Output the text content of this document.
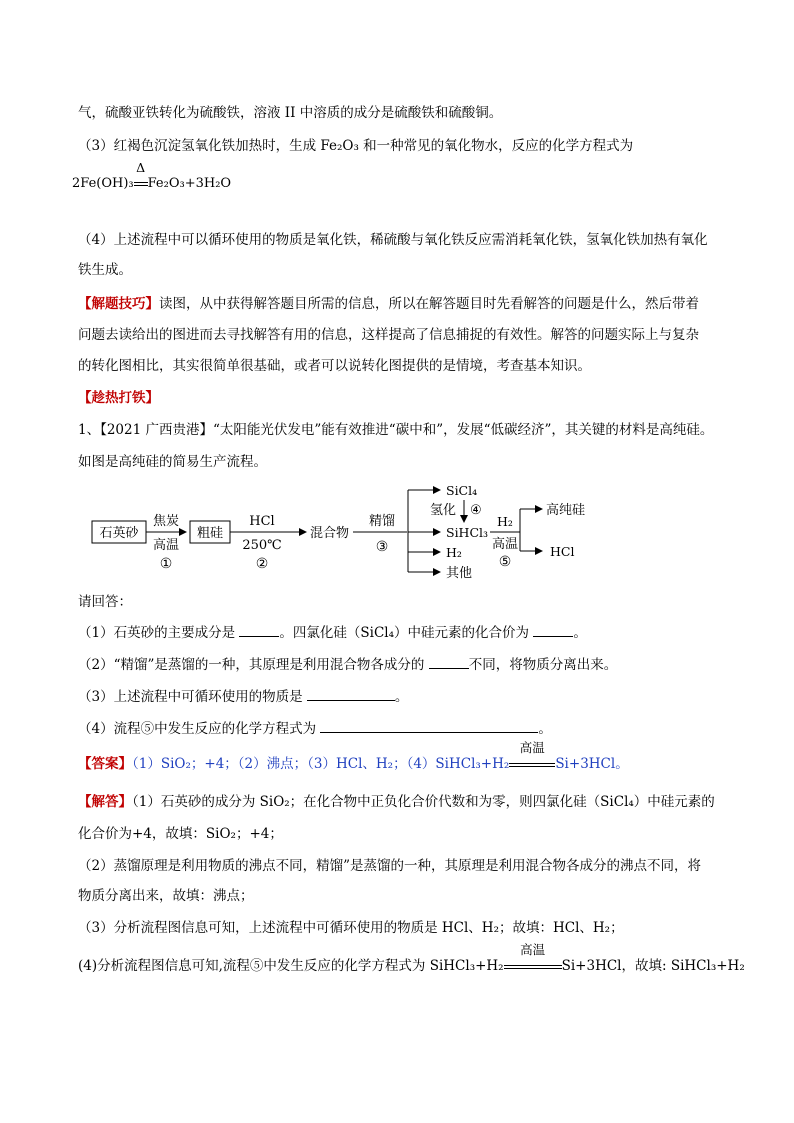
气，硫酸亚铁转化为硫酸铁，溶液 II 中溶质的成分是硫酸铁和硫酸铜。
（3）红褐色沉淀氢氧化铁加热时，生成 Fe₂O₃ 和一种常见的氧化物水，反应的化学方程式为
2Fe(OH)₃
Δ
Fe₂O₃+3H₂O
（4）上述流程中可以循环使用的物质是氧化铁，稀硫酸与氧化铁反应需消耗氧化铁，氢氧化铁加热有氧化
铁生成。
【解题技巧】读图，从中获得解答题目所需的信息，所以在解答题目时先看解答的问题是什么，然后带着
问题去读给出的图进而去寻找解答有用的信息，这样提高了信息捕捉的有效性。解答的问题实际上与复杂
的转化图相比，其实很简单很基础，或者可以说转化图提供的是情境，考查基本知识。
【趁热打铁】
1、【2021 广西贵港】“太阳能光伏发电”能有效推进“碳中和”，发展“低碳经济”，其关键的材料是高纯硅。
如图是高纯硅的简易生产流程。
石英砂
焦炭
高温
①
粗硅
HCl
250℃
②
混合物
精馏
③
SiCl₄
氢化 ④
SiHCl₃
H₂
其他
H₂
高温
⑤
高纯硅
HCl
请回答：
（1）石英砂的主要成分是	。四氯化硅（SiCl₄）中硅元素的化合价为	。
（2）“精馏”是蒸馏的一种，其原理是利用混合物各成分的	不同，将物质分离出来。
（3）上述流程中可循环使用的物质是	。
（4）流程⑤中发生反应的化学方程式为	。
【答案】（1）SiO₂；+4；（2）沸点；（3）HCl、H₂；（4）SiHCl₃+H₂
高温
Si+3HCl。
【解答】（1）石英砂的成分为 SiO₂；在化合物中正负化合价代数和为零，则四氯化硅（SiCl₄）中硅元素的
化合价为+4，故填：SiO₂；+4；
（2）蒸馏原理是利用物质的沸点不同，精馏”是蒸馏的一种，其原理是利用混合物各成分的沸点不同，将
物质分离出来，故填：沸点；
（3）分析流程图信息可知，上述流程中可循环使用的物质是 HCl、H₂；故填：HCl、H₂；
(4)分析流程图信息可知,流程⑤中发生反应的化学方程式为 SiHCl₃+H₂
高温
Si+3HCl，故填: SiHCl₃+H₂
